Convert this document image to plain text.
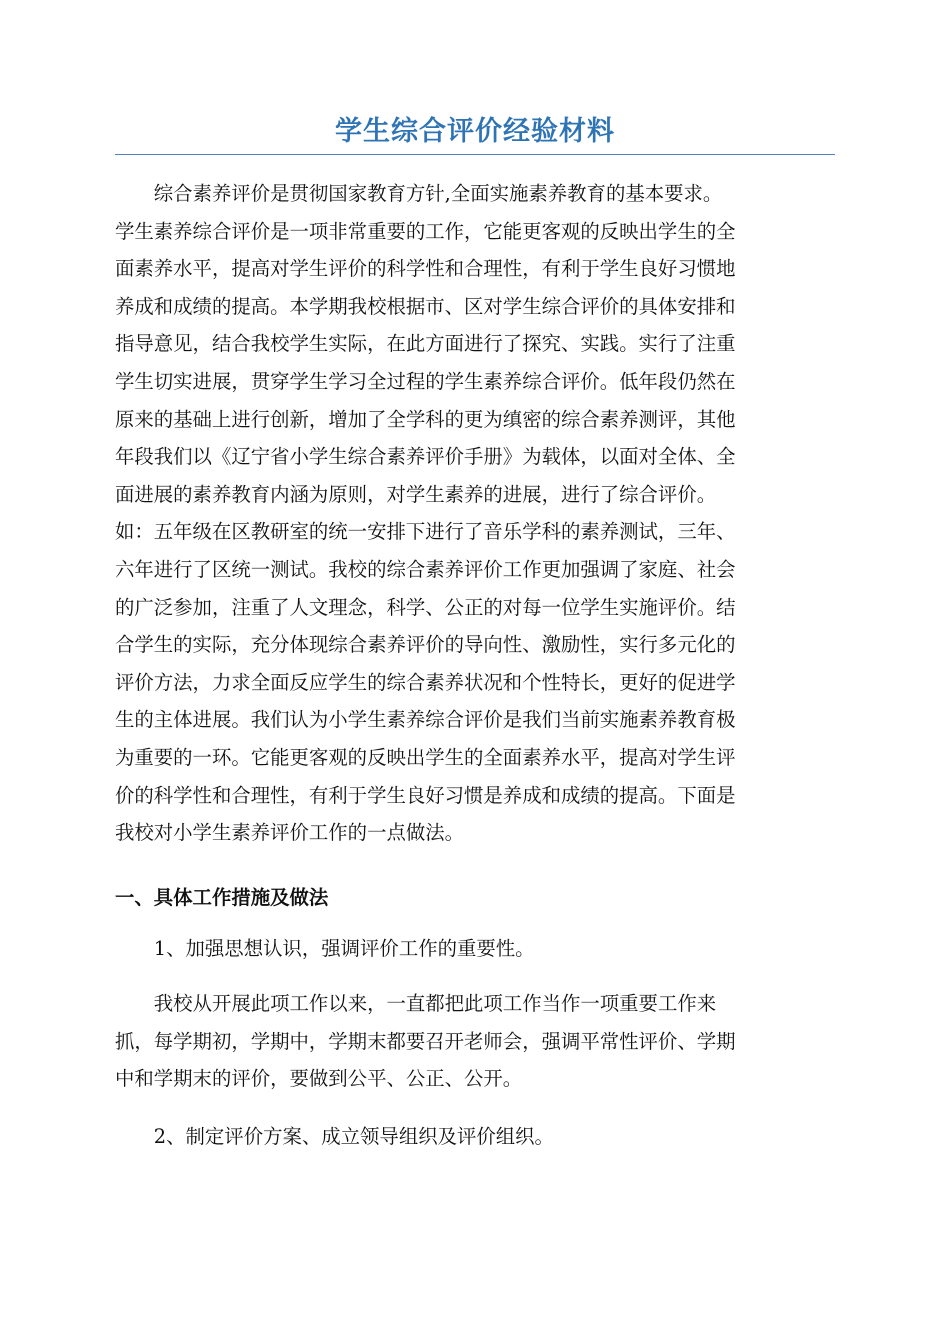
学生综合评价经验材料
综合素养评价是贯彻国家教育方针,全面实施素养教育的基本要求。
学生素养综合评价是一项非常重要的工作，它能更客观的反映出学生的全
面素养水平，提高对学生评价的科学性和合理性，有利于学生良好习惯地
养成和成绩的提高。本学期我校根据市、区对学生综合评价的具体安排和
指导意见，结合我校学生实际，在此方面进行了探究、实践。实行了注重
学生切实进展，贯穿学生学习全过程的学生素养综合评价。低年段仍然在
原来的基础上进行创新，增加了全学科的更为缜密的综合素养测评，其他
年段我们以《辽宁省小学生综合素养评价手册》为载体，以面对全体、全
面进展的素养教育内涵为原则，对学生素养的进展，进行了综合评价。
如：五年级在区教研室的统一安排下进行了音乐学科的素养测试，三年、
六年进行了区统一测试。我校的综合素养评价工作更加强调了家庭、社会
的广泛参加，注重了人文理念，科学、公正的对每一位学生实施评价。结
合学生的实际，充分体现综合素养评价的导向性、激励性，实行多元化的
评价方法，力求全面反应学生的综合素养状况和个性特长，更好的促进学
生的主体进展。我们认为小学生素养综合评价是我们当前实施素养教育极
为重要的一环。它能更客观的反映出学生的全面素养水平，提高对学生评
价的科学性和合理性，有利于学生良好习惯是养成和成绩的提高。下面是
我校对小学生素养评价工作的一点做法。
一、具体工作措施及做法

1、加强思想认识，强调评价工作的重要性。

我校从开展此项工作以来，一直都把此项工作当作一项重要工作来
抓，每学期初，学期中，学期末都要召开老师会，强调平常性评价、学期
中和学期末的评价，要做到公平、公正、公开。

2、制定评价方案、成立领导组织及评价组织。
